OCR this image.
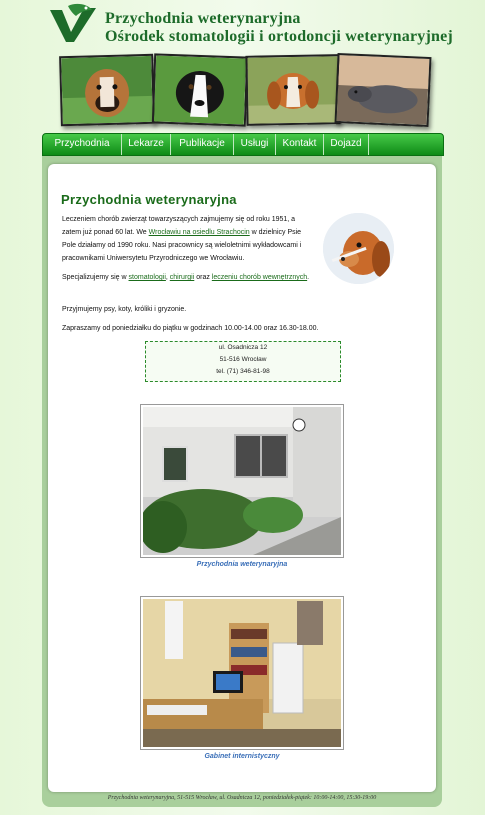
Przychodnia weterynaryjna
Ośrodek stomatologii i ortodoncji weterynaryjnej
Przychodnia	Lekarze	Publikacje	Usługi	Kontakt	Dojazd
Przychodnia weterynaryjna
Leczeniem chorób zwierząt towarzyszących zajmujemy się od roku 1951, a zatem już ponad 60 lat. We Wrocławiu na osiedlu Strachocin w dzielnicy Psie Pole działamy od 1990 roku. Nasi pracownicy są wieloletnimi wykładowcami i pracownikami Uniwersytetu Przyrodniczego we Wrocławiu.
Specjalizujemy się w stomatologii, chirurgii oraz leczeniu chorób wewnętrznych.
Przyjmujemy psy, koty, króliki i gryzonie.
Zapraszamy od poniedziałku do piątku w godzinach 10.00-14.00 oraz 16.30-18.00.
ul. Osadnicza 12
51-516 Wrocław
tel. (71) 346-81-98
Przychodnia weterynaryjna
Gabinet internistyczny
Przychodnia weterynaryjna, 51-515 Wrocław, ul. Osadnicza 12, poniedziałek-piątek: 10:00-14:00, 15:30-19:00
